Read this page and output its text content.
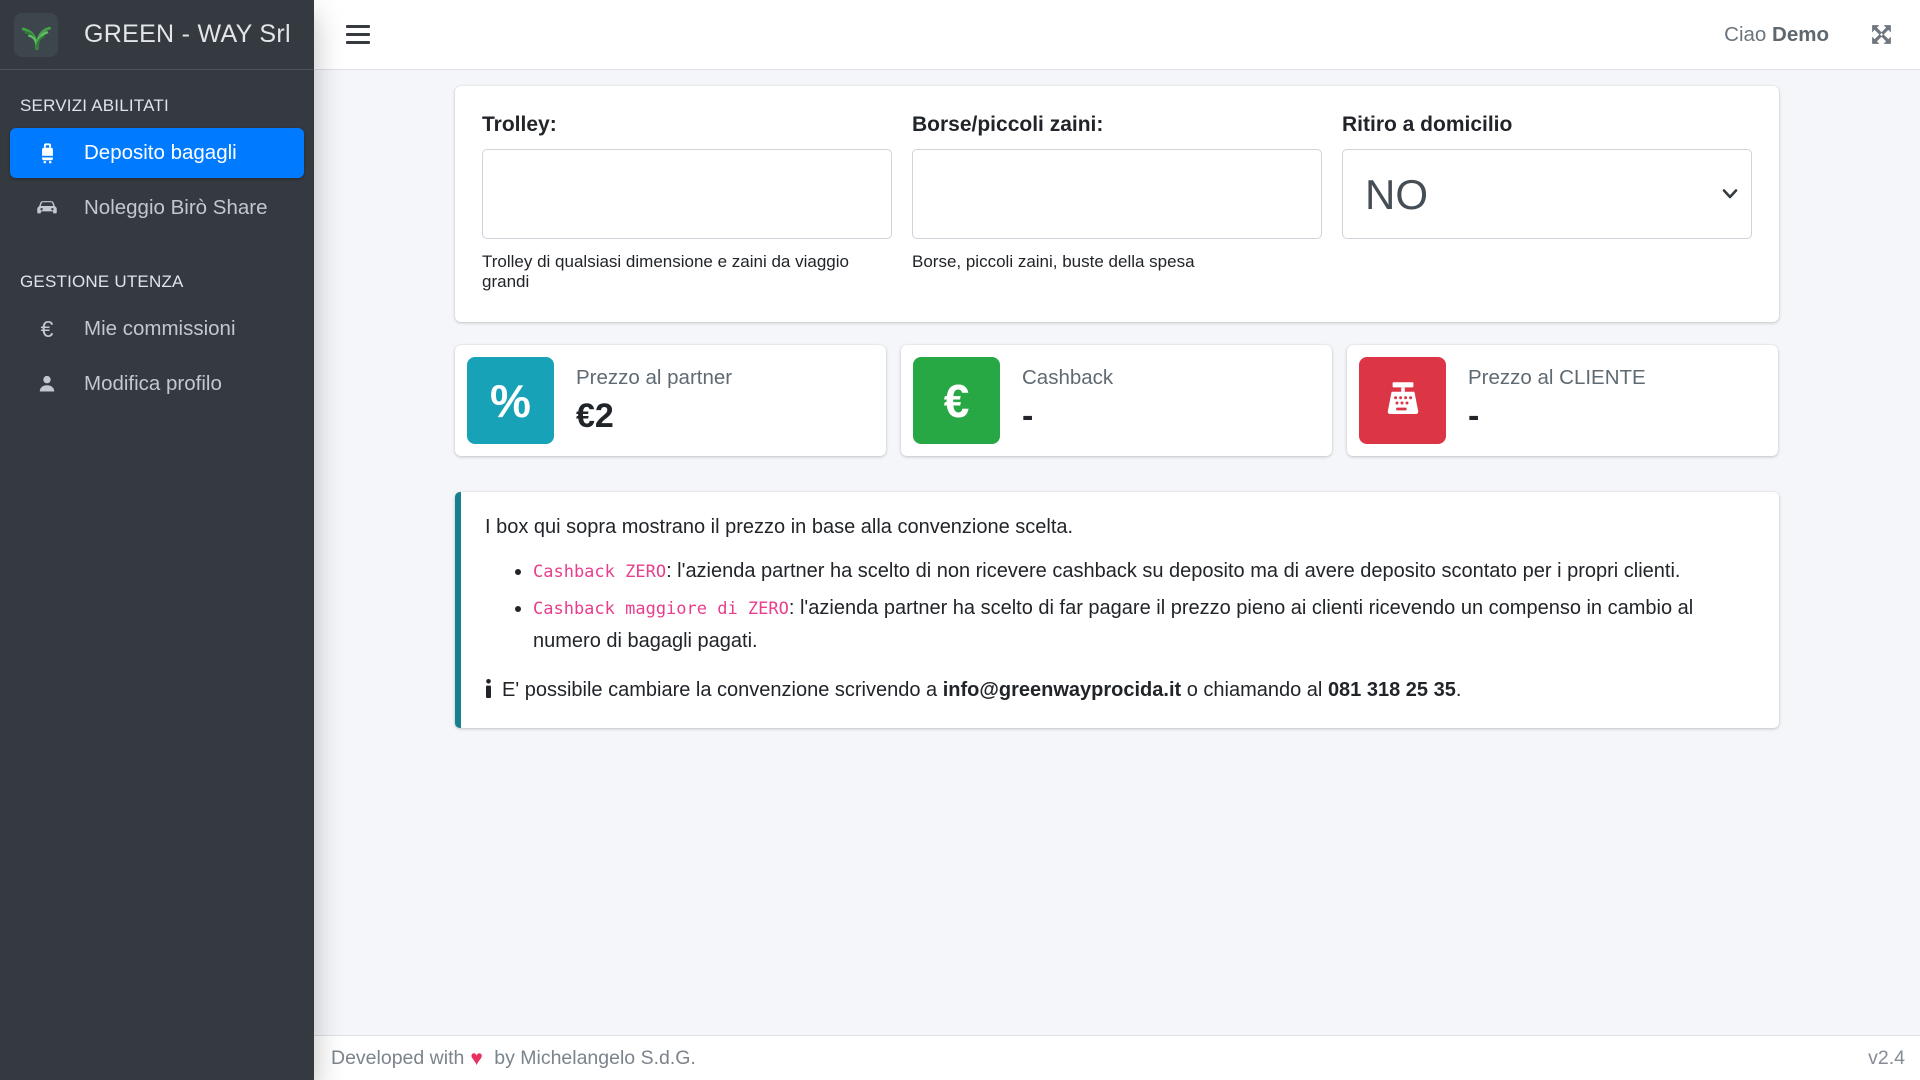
GREEN - WAY Srl
SERVIZI ABILITATI
Deposito bagagli
Noleggio Birò Share
GESTIONE UTENZA
€ Mie commissioni
Modifica profilo
Ciao Demo
Trolley:
Trolley di qualsiasi dimensione e zaini da viaggio grandi
Borse/piccoli zaini:
Borse, piccoli zaini, buste della spesa
Ritiro a domicilio
NO
% Prezzo al partner
€2	€	Cashback
-
Prezzo al CLIENTE
-

I box qui sopra mostrano il prezzo in base alla convenzione scelta.

• Cashback ZERO: l'azienda partner ha scelto di non ricevere cashback su deposito ma di avere deposito scontato per i propri clienti.
• Cashback maggiore di ZERO: l'azienda partner ha scelto di far pagare il prezzo pieno ai clienti ricevendo un compenso in cambio al numero di bagagli pagati.
E' possibile cambiare la convenzione scrivendo a info@greenwayprocida.it o chiamando al 081 318 25 35.
Developed with ♥ by Michelangelo S.d.G.	v2.4
